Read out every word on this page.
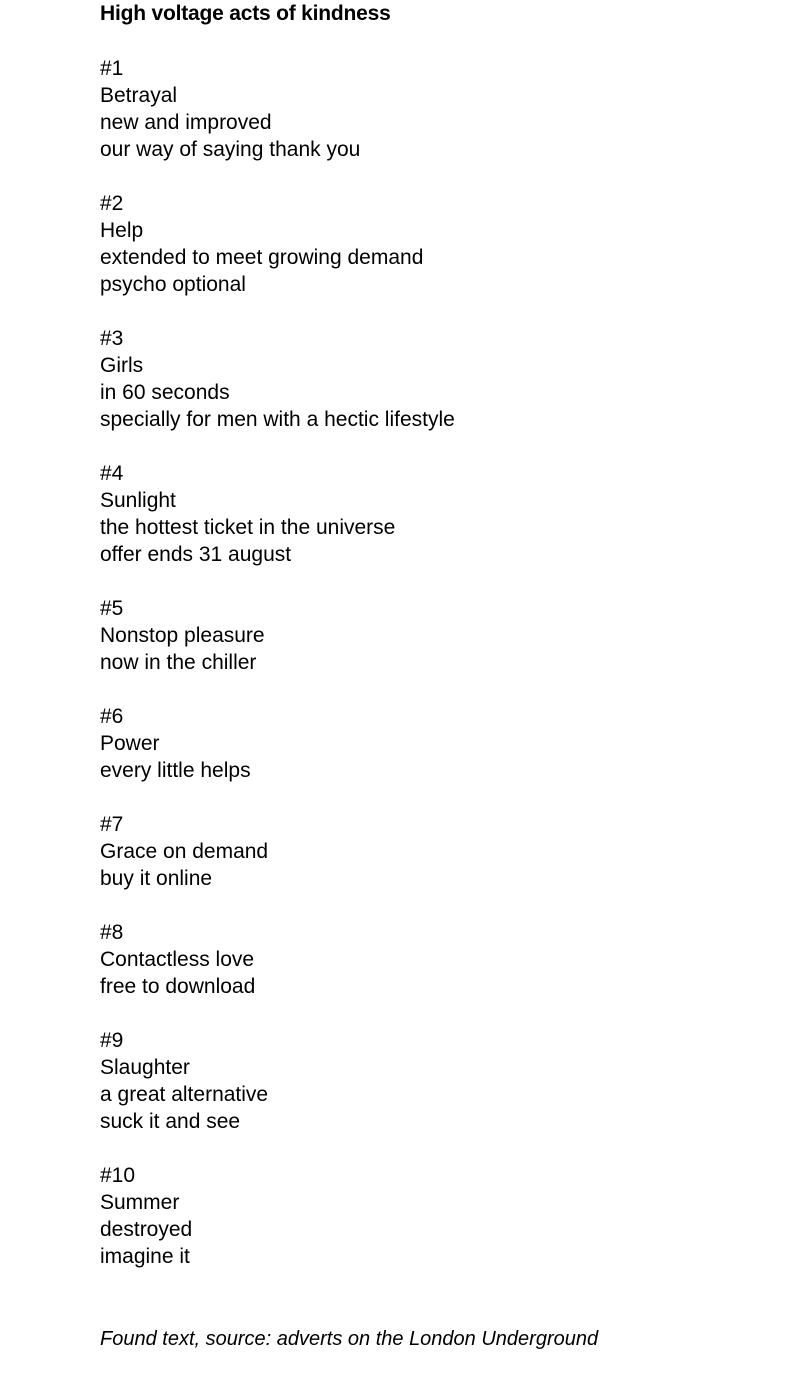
High voltage acts of kindness
#1
Betrayal
new and improved
our way of saying thank you
#2
Help
extended to meet growing demand
psycho optional
#3
Girls
in 60 seconds
specially for men with a hectic lifestyle
#4
Sunlight
the hottest ticket in the universe
offer ends 31 august
#5
Nonstop pleasure
now in the chiller
#6
Power
every little helps
#7
Grace on demand
buy it online
#8
Contactless love
free to download
#9
Slaughter
a great alternative
suck it and see
#10
Summer
destroyed
imagine it
Found text, source: adverts on the London Underground
